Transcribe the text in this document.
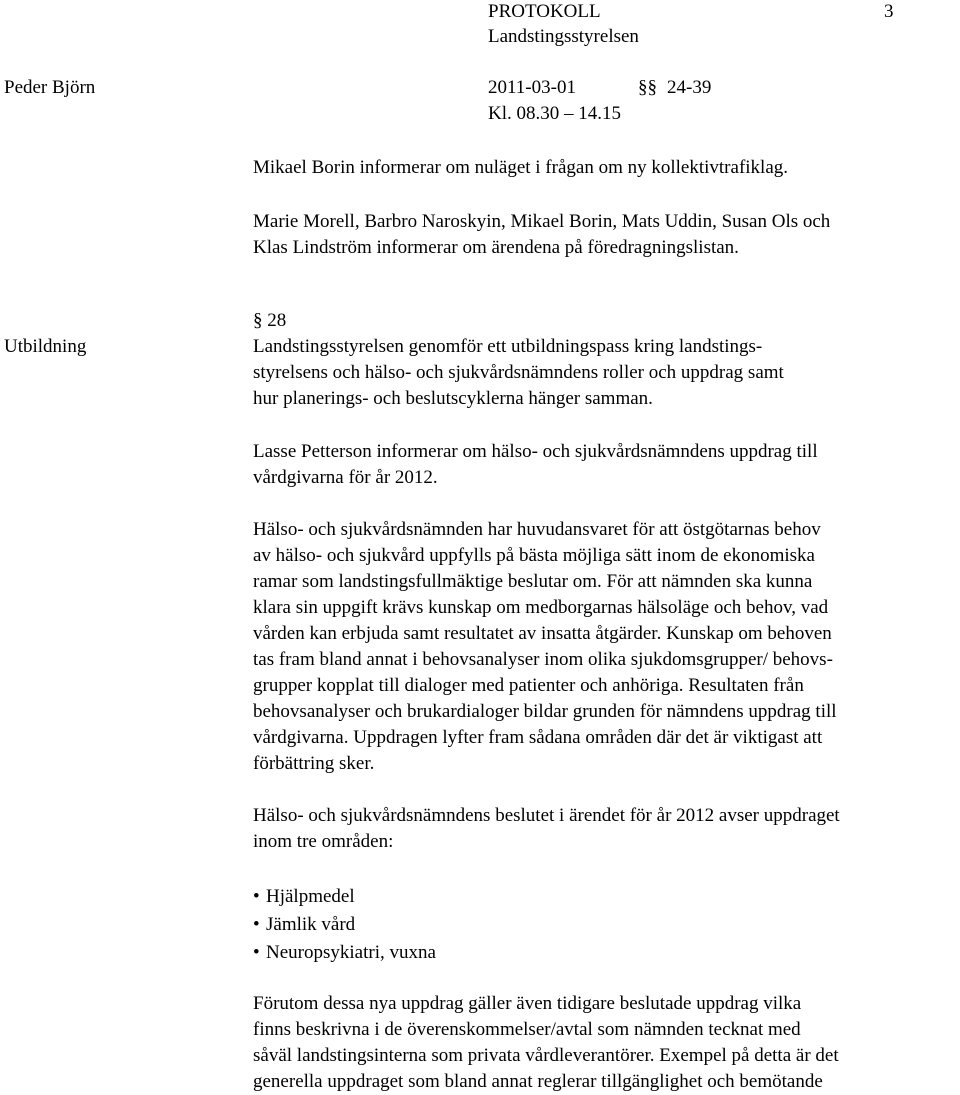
PROTOKOLL	3
Landstingsstyrelsen
Peder Björn	2011-03-01	§§ 24-39
Kl. 08.30 – 14.15
Mikael Borin informerar om nuläget i frågan om ny kollektivtrafiklag.
Marie Morell, Barbro Naroskyin, Mikael Borin, Mats Uddin, Susan Ols och
Klas Lindström informerar om ärendena på föredragningslistan.
Utbildning
§ 28
Landstingsstyrelsen genomför ett utbildningspass kring landstings-
styrelsens och hälso- och sjukvårdsnämndens roller och uppdrag samt
hur planerings- och beslutscyklerna hänger samman.
Lasse Petterson informerar om hälso- och sjukvårdsnämndens uppdrag till
vårdgivarna för år 2012.
Hälso- och sjukvårdsnämnden har huvudansvaret för att östgötarnas behov
av hälso- och sjukvård uppfylls på bästa möjliga sätt inom de ekonomiska
ramar som landstingsfullmäktige beslutar om. För att nämnden ska kunna
klara sin uppgift krävs kunskap om medborgarnas hälsoläge och behov, vad
vården kan erbjuda samt resultatet av insatta åtgärder. Kunskap om behoven
tas fram bland annat i behovsanalyser inom olika sjukdomsgrupper/ behovs-
grupper kopplat till dialoger med patienter och anhöriga. Resultaten från
behovsanalyser och brukardialoger bildar grunden för nämndens uppdrag till
vårdgivarna. Uppdragen lyfter fram sådana områden där det är viktigast att
förbättring sker.
Hälso- och sjukvårdsnämndens beslutet i ärendet för år 2012 avser uppdraget
inom tre områden:
• Hjälpmedel
• Jämlik vård
• Neuropsykiatri, vuxna
Förutom dessa nya uppdrag gäller även tidigare beslutade uppdrag vilka
finns beskrivna i de överenskommelser/avtal som nämnden tecknat med
såväl landstingsinterna som privata vårdleverantörer. Exempel på detta är det
generella uppdraget som bland annat reglerar tillgänglighet och bemötande
